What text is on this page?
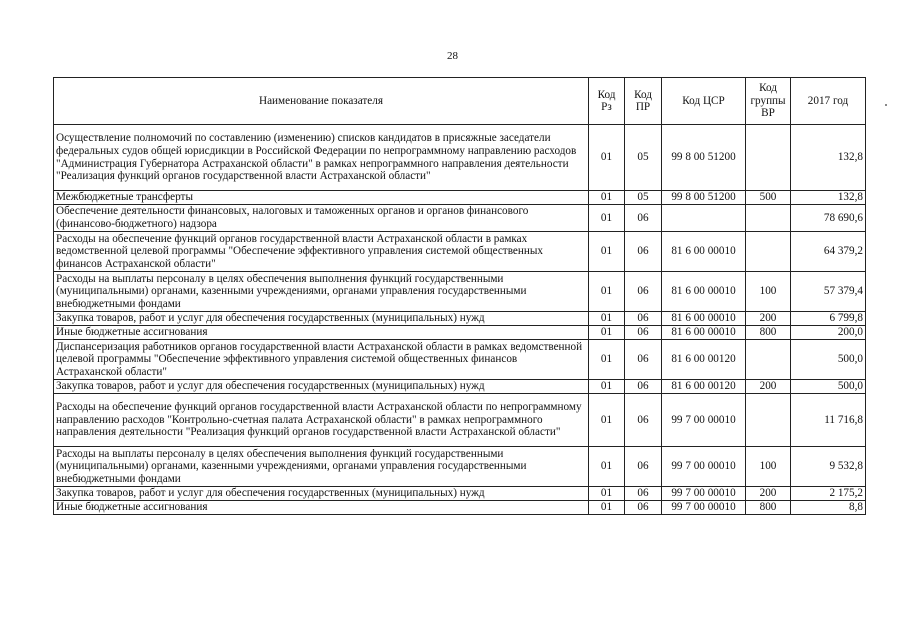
28
Наименование показателя	Код Рз	Код ПР	Код ЦСР	Код группы ВР	2017 год
Осуществление полномочий по составлению (изменению) списков кандидатов в присяжные заседатели федеральных судов общей юрисдикции в Российской Федерации по непрограммному направлению расходов "Администрация Губернатора Астраханской области" в рамках непрограммного направления деятельности "Реализация функций органов государственной власти Астраханской области"	01	05	99 8 00 51200		132,8
Межбюджетные трансферты	01	05	99 8 00 51200	500	132,8
Обеспечение деятельности финансовых, налоговых и таможенных органов и органов финансового (финансово-бюджетного) надзора	01	06			78 690,6
Расходы на обеспечение функций органов государственной власти Астраханской области в рамках ведомственной целевой программы "Обеспечение эффективного управления системой общественных финансов Астраханской области"	01	06	81 6 00 00010		64 379,2
Расходы на выплаты персоналу в целях обеспечения выполнения функций государственными (муниципальными) органами, казенными учреждениями, органами управления государственными внебюджетными фондами	01	06	81 6 00 00010	100	57 379,4
Закупка товаров, работ и услуг для обеспечения государственных (муниципальных) нужд	01	06	81 6 00 00010	200	6 799,8
Иные бюджетные ассигнования	01	06	81 6 00 00010	800	200,0
Диспансеризация работников органов государственной власти Астраханской области в рамках ведомственной целевой программы "Обеспечение эффективного управления системой общественных финансов Астраханской области"	01	06	81 6 00 00120		500,0
Закупка товаров, работ и услуг для обеспечения государственных (муниципальных) нужд	01	06	81 6 00 00120	200	500,0
Расходы на обеспечение функций органов государственной власти Астраханской области по непрограммному направлению расходов "Контрольно-счетная палата Астраханской области" в рамках непрограммного направления деятельности "Реализация функций органов государственной власти Астраханской области"	01	06	99 7 00 00010		11 716,8
Расходы на выплаты персоналу в целях обеспечения выполнения функций государственными (муниципальными) органами, казенными учреждениями, органами управления государственными внебюджетными фондами	01	06	99 7 00 00010	100	9 532,8
Закупка товаров, работ и услуг для обеспечения государственных (муниципальных) нужд	01	06	99 7 00 00010	200	2 175,2
Иные бюджетные ассигнования	01	06	99 7 00 00010	800	8,8
